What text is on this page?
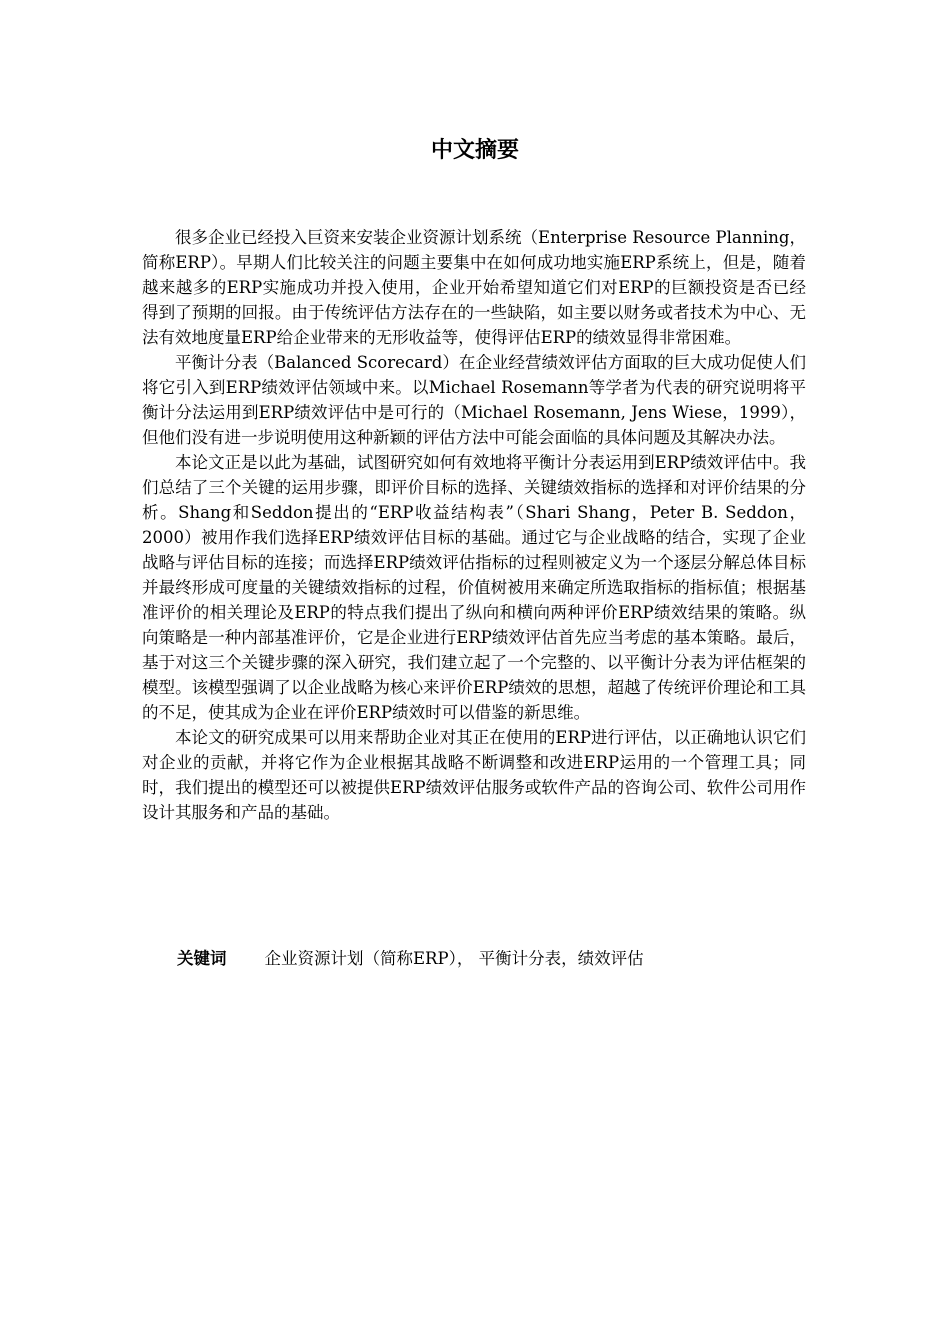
中文摘要

很多企业已经投入巨资来安装企业资源计划系统（Enterprise Resource Planning，简称ERP）。早期人们比较关注的问题主要集中在如何成功地实施ERP系统上，但是，随着越来越多的ERP实施成功并投入使用，企业开始希望知道它们对ERP的巨额投资是否已经得到了预期的回报。由于传统评估方法存在的一些缺陷，如主要以财务或者技术为中心、无法有效地度量ERP给企业带来的无形收益等，使得评估ERP的绩效显得非常困难。

平衡计分表（Balanced Scorecard）在企业经营绩效评估方面取的巨大成功促使人们将它引入到ERP绩效评估领域中来。以Michael Rosemann等学者为代表的研究说明将平衡计分法运用到ERP绩效评估中是可行的（Michael Rosemann, Jens Wiese，1999），但他们没有进一步说明使用这种新颖的评估方法中可能会面临的具体问题及其解决办法。

本论文正是以此为基础，试图研究如何有效地将平衡计分表运用到ERP绩效评估中。我们总结了三个关键的运用步骤，即评价目标的选择、关键绩效指标的选择和对评价结果的分析。Shang和Seddon提出的“ERP收益结构表”（Shari Shang，Peter B. Seddon，2000）被用作我们选择ERP绩效评估目标的基础。通过它与企业战略的结合，实现了企业战略与评估目标的连接；而选择ERP绩效评估指标的过程则被定义为一个逐层分解总体目标并最终形成可度量的关键绩效指标的过程，价值树被用来确定所选取指标的指标值；根据基准评价的相关理论及ERP的特点我们提出了纵向和横向两种评价ERP绩效结果的策略。纵向策略是一种内部基准评价，它是企业进行ERP绩效评估首先应当考虑的基本策略。最后，基于对这三个关键步骤的深入研究，我们建立起了一个完整的、以平衡计分表为评估框架的模型。该模型强调了以企业战略为核心来评价ERP绩效的思想，超越了传统评价理论和工具的不足，使其成为企业在评价ERP绩效时可以借鉴的新思维。

本论文的研究成果可以用来帮助企业对其正在使用的ERP进行评估，以正确地认识它们对企业的贡献，并将它作为企业根据其战略不断调整和改进ERP运用的一个管理工具；同时，我们提出的模型还可以被提供ERP绩效评估服务或软件产品的咨询公司、软件公司用作设计其服务和产品的基础。

关键词 企业资源计划（简称ERP）， 平衡计分表，绩效评估
